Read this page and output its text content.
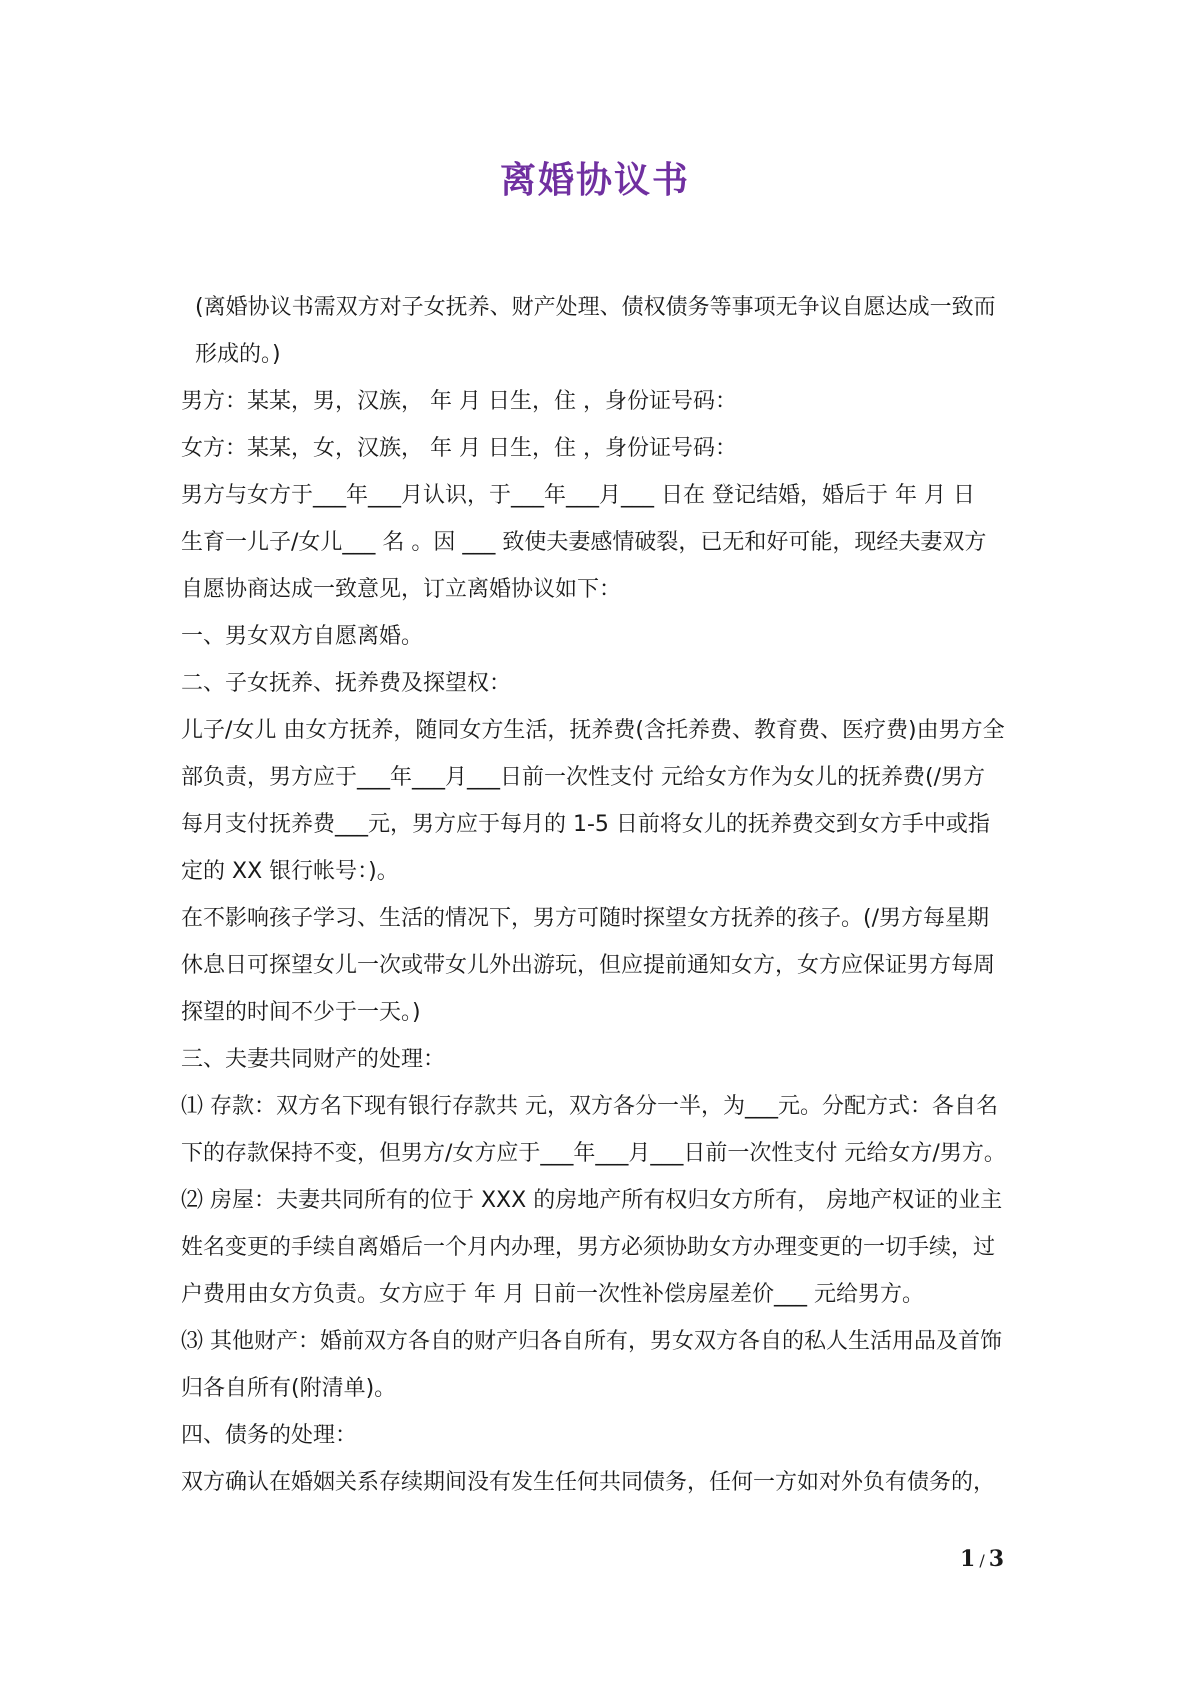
离婚协议书

(离婚协议书需双方对子女抚养、财产处理、债权债务等事项无争议自愿达成一致而
形成的。)

男方：某某，男，汉族， 年 月 日生，住 ，身份证号码：

女方：某某，女，汉族， 年 月 日生，住 ，身份证号码：

男方与女方于___年___月认识，于___年___月___ 日在 登记结婚，婚后于 年 月 日
生育一儿子/女儿___ 名 。因 ___ 致使夫妻感情破裂，已无和好可能，现经夫妻双方
自愿协商达成一致意见，订立离婚协议如下：

一、男女双方自愿离婚。

二、子女抚养、抚养费及探望权：

儿子/女儿 由女方抚养，随同女方生活，抚养费(含托养费、教育费、医疗费)由男方全
部负责，男方应于___年___月___日前一次性支付 元给女方作为女儿的抚养费(/男方
每月支付抚养费___元，男方应于每月的 1-5 日前将女儿的抚养费交到女方手中或指
定的 XX 银行帐号：)。

在不影响孩子学习、生活的情况下，男方可随时探望女方抚养的孩子。(/男方每星期
休息日可探望女儿一次或带女儿外出游玩，但应提前通知女方，女方应保证男方每周
探望的时间不少于一天。)

三、夫妻共同财产的处理：

⑴ 存款：双方名下现有银行存款共 元，双方各分一半，为___元。分配方式：各自名
下的存款保持不变，但男方/女方应于___年___月___日前一次性支付 元给女方/男方。

⑵ 房屋：夫妻共同所有的位于 XXX 的房地产所有权归女方所有， 房地产权证的业主
姓名变更的手续自离婚后一个月内办理，男方必须协助女方办理变更的一切手续，过
户费用由女方负责。女方应于 年 月 日前一次性补偿房屋差价___ 元给男方。

⑶ 其他财产：婚前双方各自的财产归各自所有，男女双方各自的私人生活用品及首饰
归各自所有(附清单)。

四、债务的处理：

双方确认在婚姻关系存续期间没有发生任何共同债务，任何一方如对外负有债务的，

1 / 3
